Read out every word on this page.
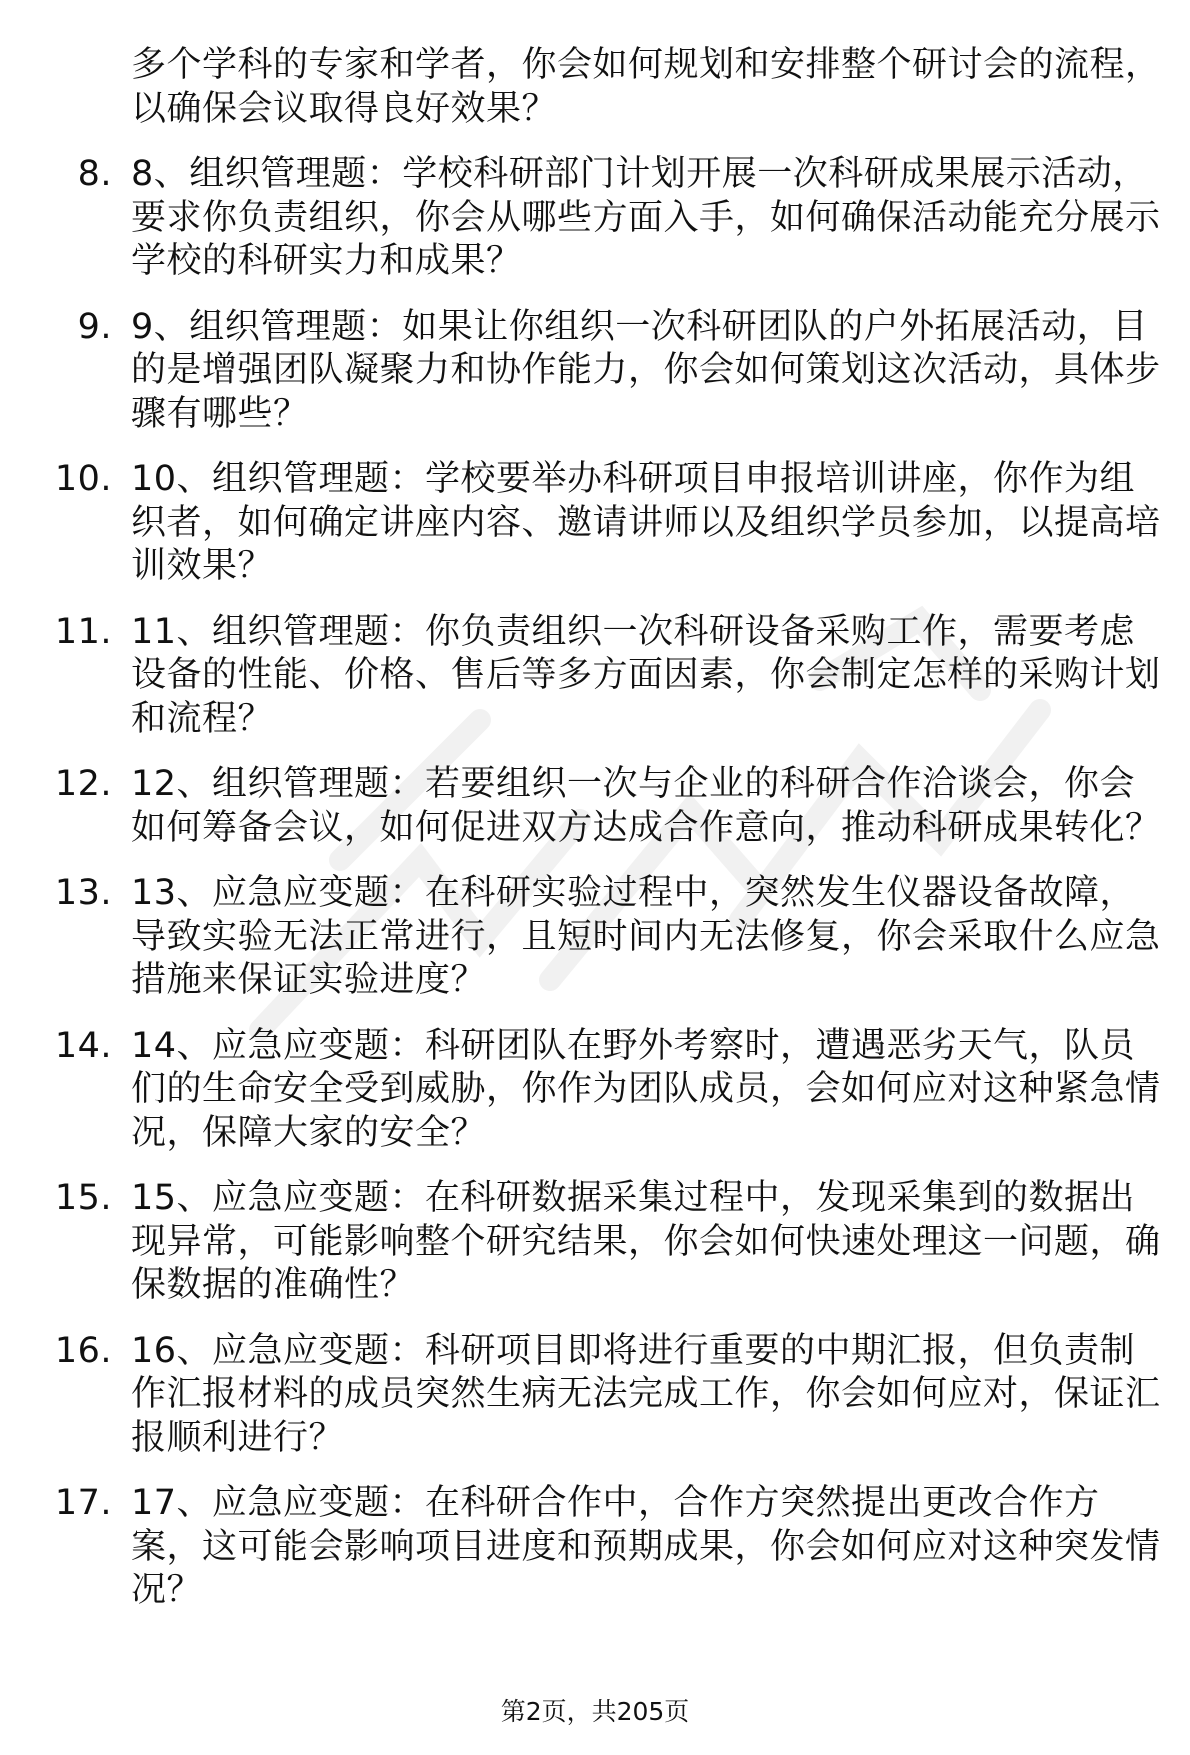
多个学科的专家和学者，你会如何规划和安排整个研讨会的流程，以确保会议取得良好效果？
8. 8、组织管理题：学校科研部门计划开展一次科研成果展示活动，要求你负责组织，你会从哪些方面入手，如何确保活动能充分展示学校的科研实力和成果？
9. 9、组织管理题：如果让你组织一次科研团队的户外拓展活动，目的是增强团队凝聚力和协作能力，你会如何策划这次活动，具体步骤有哪些？
10. 10、组织管理题：学校要举办科研项目申报培训讲座，你作为组织者，如何确定讲座内容、邀请讲师以及组织学员参加，以提高培训效果？
11. 11、组织管理题：你负责组织一次科研设备采购工作，需要考虑设备的性能、价格、售后等多方面因素，你会制定怎样的采购计划和流程？
12. 12、组织管理题：若要组织一次与企业的科研合作洽谈会，你会如何筹备会议，如何促进双方达成合作意向，推动科研成果转化？
13. 13、应急应变题：在科研实验过程中，突然发生仪器设备故障，导致实验无法正常进行，且短时间内无法修复，你会采取什么应急措施来保证实验进度？
14. 14、应急应变题：科研团队在野外考察时，遭遇恶劣天气，队员们的生命安全受到威胁，你作为团队成员，会如何应对这种紧急情况，保障大家的安全？
15. 15、应急应变题：在科研数据采集过程中，发现采集到的数据出现异常，可能影响整个研究结果，你会如何快速处理这一问题，确保数据的准确性？
16. 16、应急应变题：科研项目即将进行重要的中期汇报，但负责制作汇报材料的成员突然生病无法完成工作，你会如何应对，保证汇报顺利进行？
17. 17、应急应变题：在科研合作中，合作方突然提出更改合作方案，这可能会影响项目进度和预期成果，你会如何应对这种突发情况？
第2页，共205页
